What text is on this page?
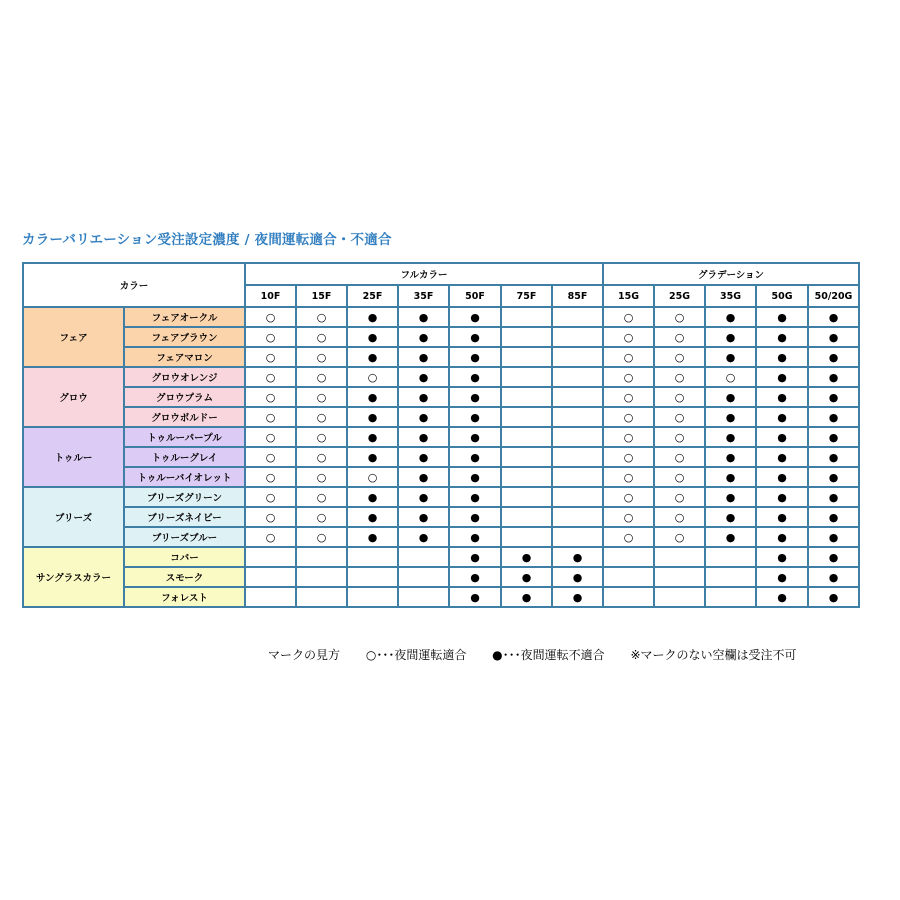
カラーバリエーション受注設定濃度 / 夜間運転適合・不適合
カラー		フルカラー							グラデーション				
		10F	15F	25F	35F	50F	75F	85F	15G	25G	35G	50G	50/20G
フェア	フェアオークル	○	○	●	●	●			○	○	●	●	●
	フェアブラウン	○	○	●	●	●			○	○	●	●	●
	フェアマロン	○	○	●	●	●			○	○	●	●	●
グロウ	グロウオレンジ	○	○	○	●	●			○	○	○	●	●
	グロウプラム	○	○	●	●	●			○	○	●	●	●
	グロウボルドー	○	○	●	●	●			○	○	●	●	●
トゥルー	トゥルーパープル	○	○	●	●	●			○	○	●	●	●
	トゥルーグレイ	○	○	●	●	●			○	○	●	●	●
	トゥルーバイオレット	○	○	○	●	●			○	○	●	●	●
ブリーズ	ブリーズグリーン	○	○	●	●	●			○	○	●	●	●
	ブリーズネイビー	○	○	●	●	●			○	○	●	●	●
	ブリーズブルー	○	○	●	●	●			○	○	●	●	●
サングラスカラー	コバー					●	●	●				●	●
	スモーク					●	●	●				●	●
	フォレスト					●	●	●				●	●
マークの見方 ○･･･夜間運転適合 ●･･･夜間運転不適合 ※マークのない空欄は受注不可
